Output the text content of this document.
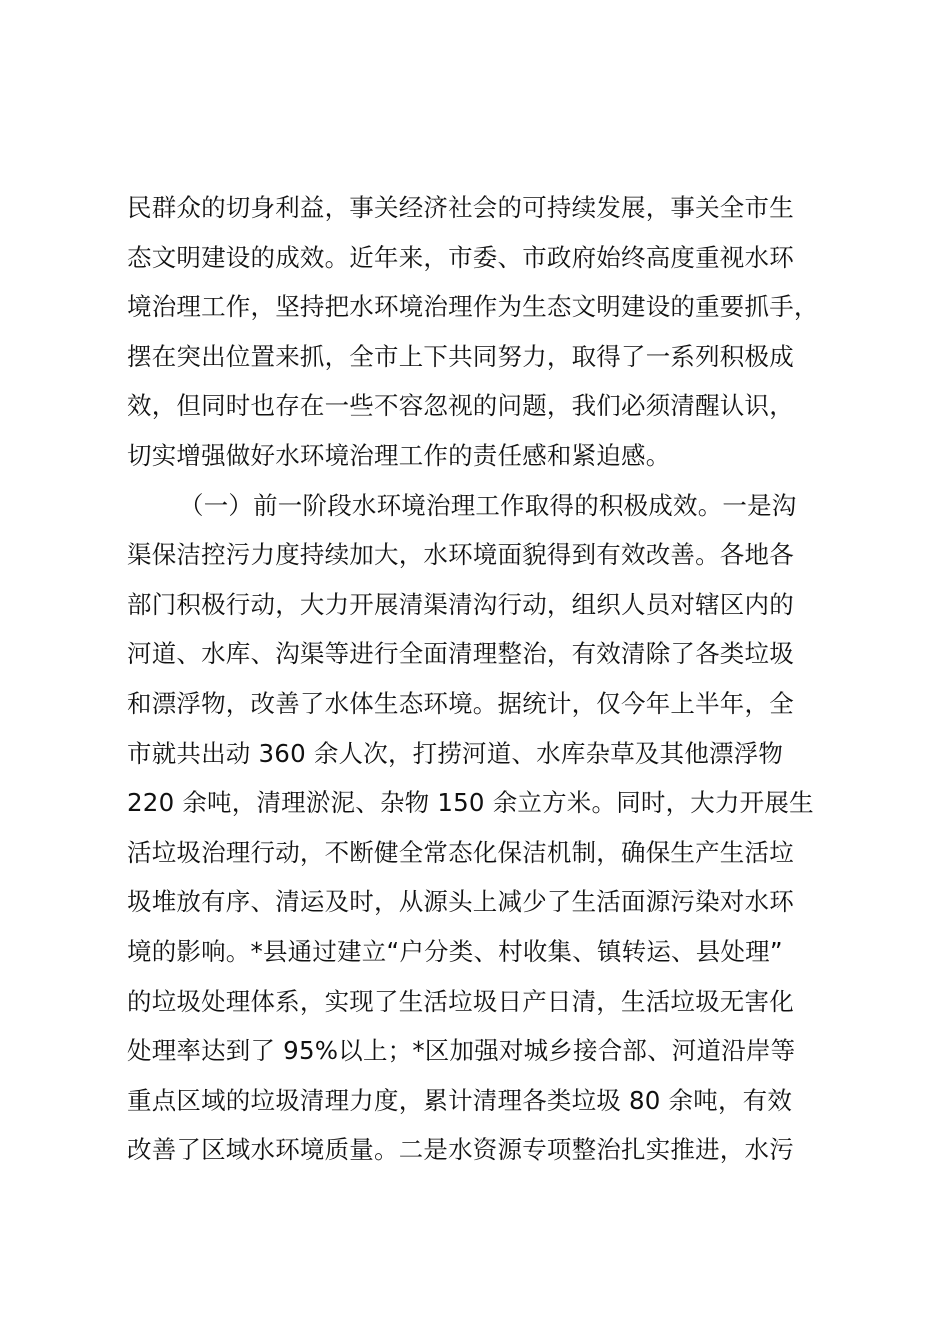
民群众的切身利益，事关经济社会的可持续发展，事关全市生
态文明建设的成效。近年来，市委、市政府始终高度重视水环
境治理工作，坚持把水环境治理作为生态文明建设的重要抓手，
摆在突出位置来抓，全市上下共同努力，取得了一系列积极成
效，但同时也存在一些不容忽视的问题，我们必须清醒认识，
切实增强做好水环境治理工作的责任感和紧迫感。
（一）前一阶段水环境治理工作取得的积极成效。一是沟
渠保洁控污力度持续加大，水环境面貌得到有效改善。各地各
部门积极行动，大力开展清渠清沟行动，组织人员对辖区内的
河道、水库、沟渠等进行全面清理整治，有效清除了各类垃圾
和漂浮物，改善了水体生态环境。据统计，仅今年上半年，全
市就共出动 360 余人次，打捞河道、水库杂草及其他漂浮物
220 余吨，清理淤泥、杂物 150 余立方米。同时，大力开展生
活垃圾治理行动，不断健全常态化保洁机制，确保生产生活垃
圾堆放有序、清运及时，从源头上减少了生活面源污染对水环
境的影响。*县通过建立“户分类、村收集、镇转运、县处理”
的垃圾处理体系，实现了生活垃圾日产日清，生活垃圾无害化
处理率达到了 95%以上；*区加强对城乡接合部、河道沿岸等
重点区域的垃圾清理力度，累计清理各类垃圾 80 余吨，有效
改善了区域水环境质量。二是水资源专项整治扎实推进，水污
